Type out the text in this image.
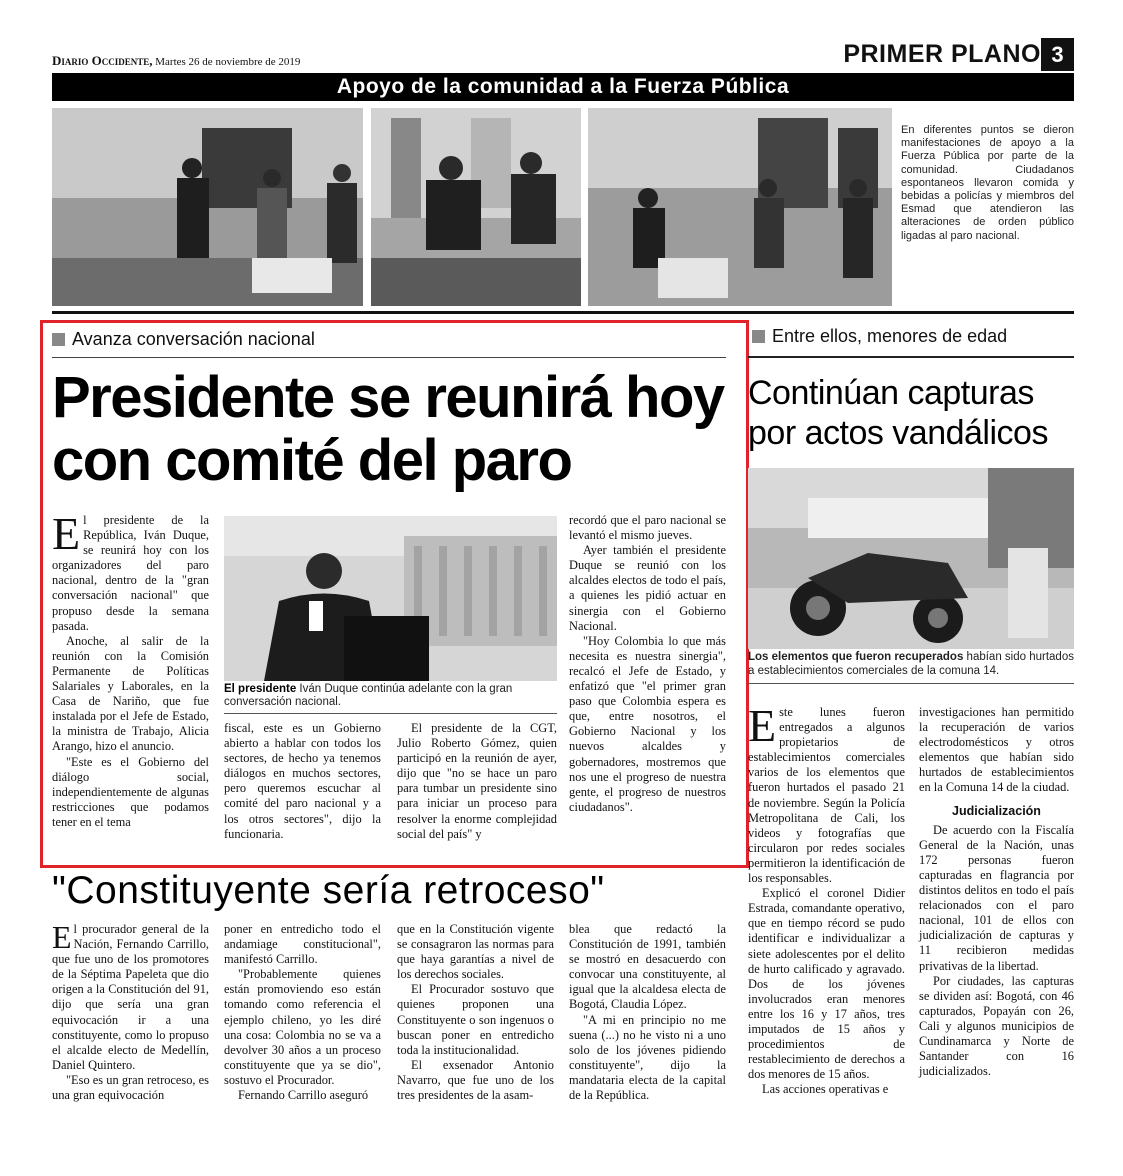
Diario Occidente, Martes 26 de noviembre de 2019	PRIMER PLANO 3
Apoyo de la comunidad a la Fuerza Pública
En diferentes puntos se dieron manifestaciones de apoyo a la Fuerza Pública por parte de la comunidad. Ciudadanos espontaneos llevaron comida y bebidas a policías y miembros del Esmad que atendieron las alteraciones de orden público ligadas al paro nacional.
Avanza conversación nacional
Presidente se reunirá hoy con comité del paro

El presidente de la República, Iván Duque, se reunirá hoy con los organizadores del paro nacional, dentro de la "gran conversación nacional" que propuso desde la semana pasada.

Anoche, al salir de la reunión con la Comisión Permanente de Políticas Salariales y Laborales, en la Casa de Nariño, que fue instalada por el Jefe de Estado, la ministra de Trabajo, Alicia Arango, hizo el anuncio.

"Este es el Gobierno del diálogo social, independientemente de algunas restricciones que podamos tener en el tema

El presidente Iván Duque continúa adelante con la gran conversación nacional.

fiscal, este es un Gobierno abierto a hablar con todos los sectores, de hecho ya tenemos diálogos en muchos sectores, pero queremos escuchar al comité del paro nacional y a los otros sectores", dijo la funcionaria.

El presidente de la CGT, Julio Roberto Gómez, quien participó en la reunión de ayer, dijo que "no se hace un paro para tumbar un presidente sino para iniciar un proceso para resolver la enorme complejidad social del país" y

recordó que el paro nacional se levantó el mismo jueves.

Ayer también el presidente Duque se reunió con los alcaldes electos de todo el país, a quienes les pidió actuar en sinergia con el Gobierno Nacional.

"Hoy Colombia lo que más necesita es nuestra sinergia", recalcó el Jefe de Estado, y enfatizó que "el primer gran paso que Colombia espera es que, entre nosotros, el Gobierno Nacional y los nuevos alcaldes y gobernadores, mostremos que nos une el progreso de nuestra gente, el progreso de nuestros ciudadanos".

Entre ellos, menores de edad
Continúan capturas por actos vandálicos
Los elementos que fueron recuperados habían sido hurtados a establecimientos comerciales de la comuna 14.

Este lunes fueron entregados a algunos propietarios de establecimientos comerciales varios de los elementos que fueron hurtados el pasado 21 de noviembre. Según la Policía Metropolitana de Cali, los videos y fotografías que circularon por redes sociales permitieron la identificación de los responsables.

Explicó el coronel Didier Estrada, comandante operativo, que en tiempo récord se pudo identificar e individualizar a siete adolescentes por el delito de hurto calificado y agravado. Dos de los jóvenes involucrados eran menores entre los 16 y 17 años, tres imputados de 15 años y procedimientos de restablecimiento de derechos a dos menores de 15 años.

Las acciones operativas e

investigaciones han permitido la recuperación de varios electrodomésticos y otros elementos que habían sido hurtados de establecimientos en la Comuna 14 de la ciudad.

Judicialización

De acuerdo con la Fiscalía General de la Nación, unas 172 personas fueron capturadas en flagrancia por distintos delitos en todo el país relacionados con el paro nacional, 101 de ellos con judicialización de capturas y 11 recibieron medidas privativas de la libertad.

Por ciudades, las capturas se dividen así: Bogotá, con 46 capturados, Popayán con 26, Cali y algunos municipios de Cundinamarca y Norte de Santander con 16 judicializados.

"Constituyente sería retroceso"

El procurador general de la Nación, Fernando Carrillo, que fue uno de los promotores de la Séptima Papeleta que dio origen a la Constitución del 91, dijo que sería una gran equivocación ir a una constituyente, como lo propuso el alcalde electo de Medellín, Daniel Quintero.

"Eso es un gran retroceso, es una gran equivocación

poner en entredicho todo el andamiage constitucional", manifestó Carrillo.

"Probablemente quienes están promoviendo eso están tomando como referencia el ejemplo chileno, yo les diré una cosa: Colombia no se va a devolver 30 años a un proceso constituyente que ya se dio", sostuvo el Procurador.

Fernando Carrillo aseguró

que en la Constitución vigente se consagraron las normas para que haya garantías a nivel de los derechos sociales.

El Procurador sostuvo que quienes proponen una Constituyente o son ingenuos o buscan poner en entredicho toda la institucionalidad.

El exsenador Antonio Navarro, que fue uno de los tres presidentes de la asam-

blea que redactó la Constitución de 1991, también se mostró en desacuerdo con convocar una constituyente, al igual que la alcaldesa electa de Bogotá, Claudia López.

"A mi en principio no me suena (...) no he visto ni a uno solo de los jóvenes pidiendo constituyente", dijo la mandataria electa de la capital de la República.
